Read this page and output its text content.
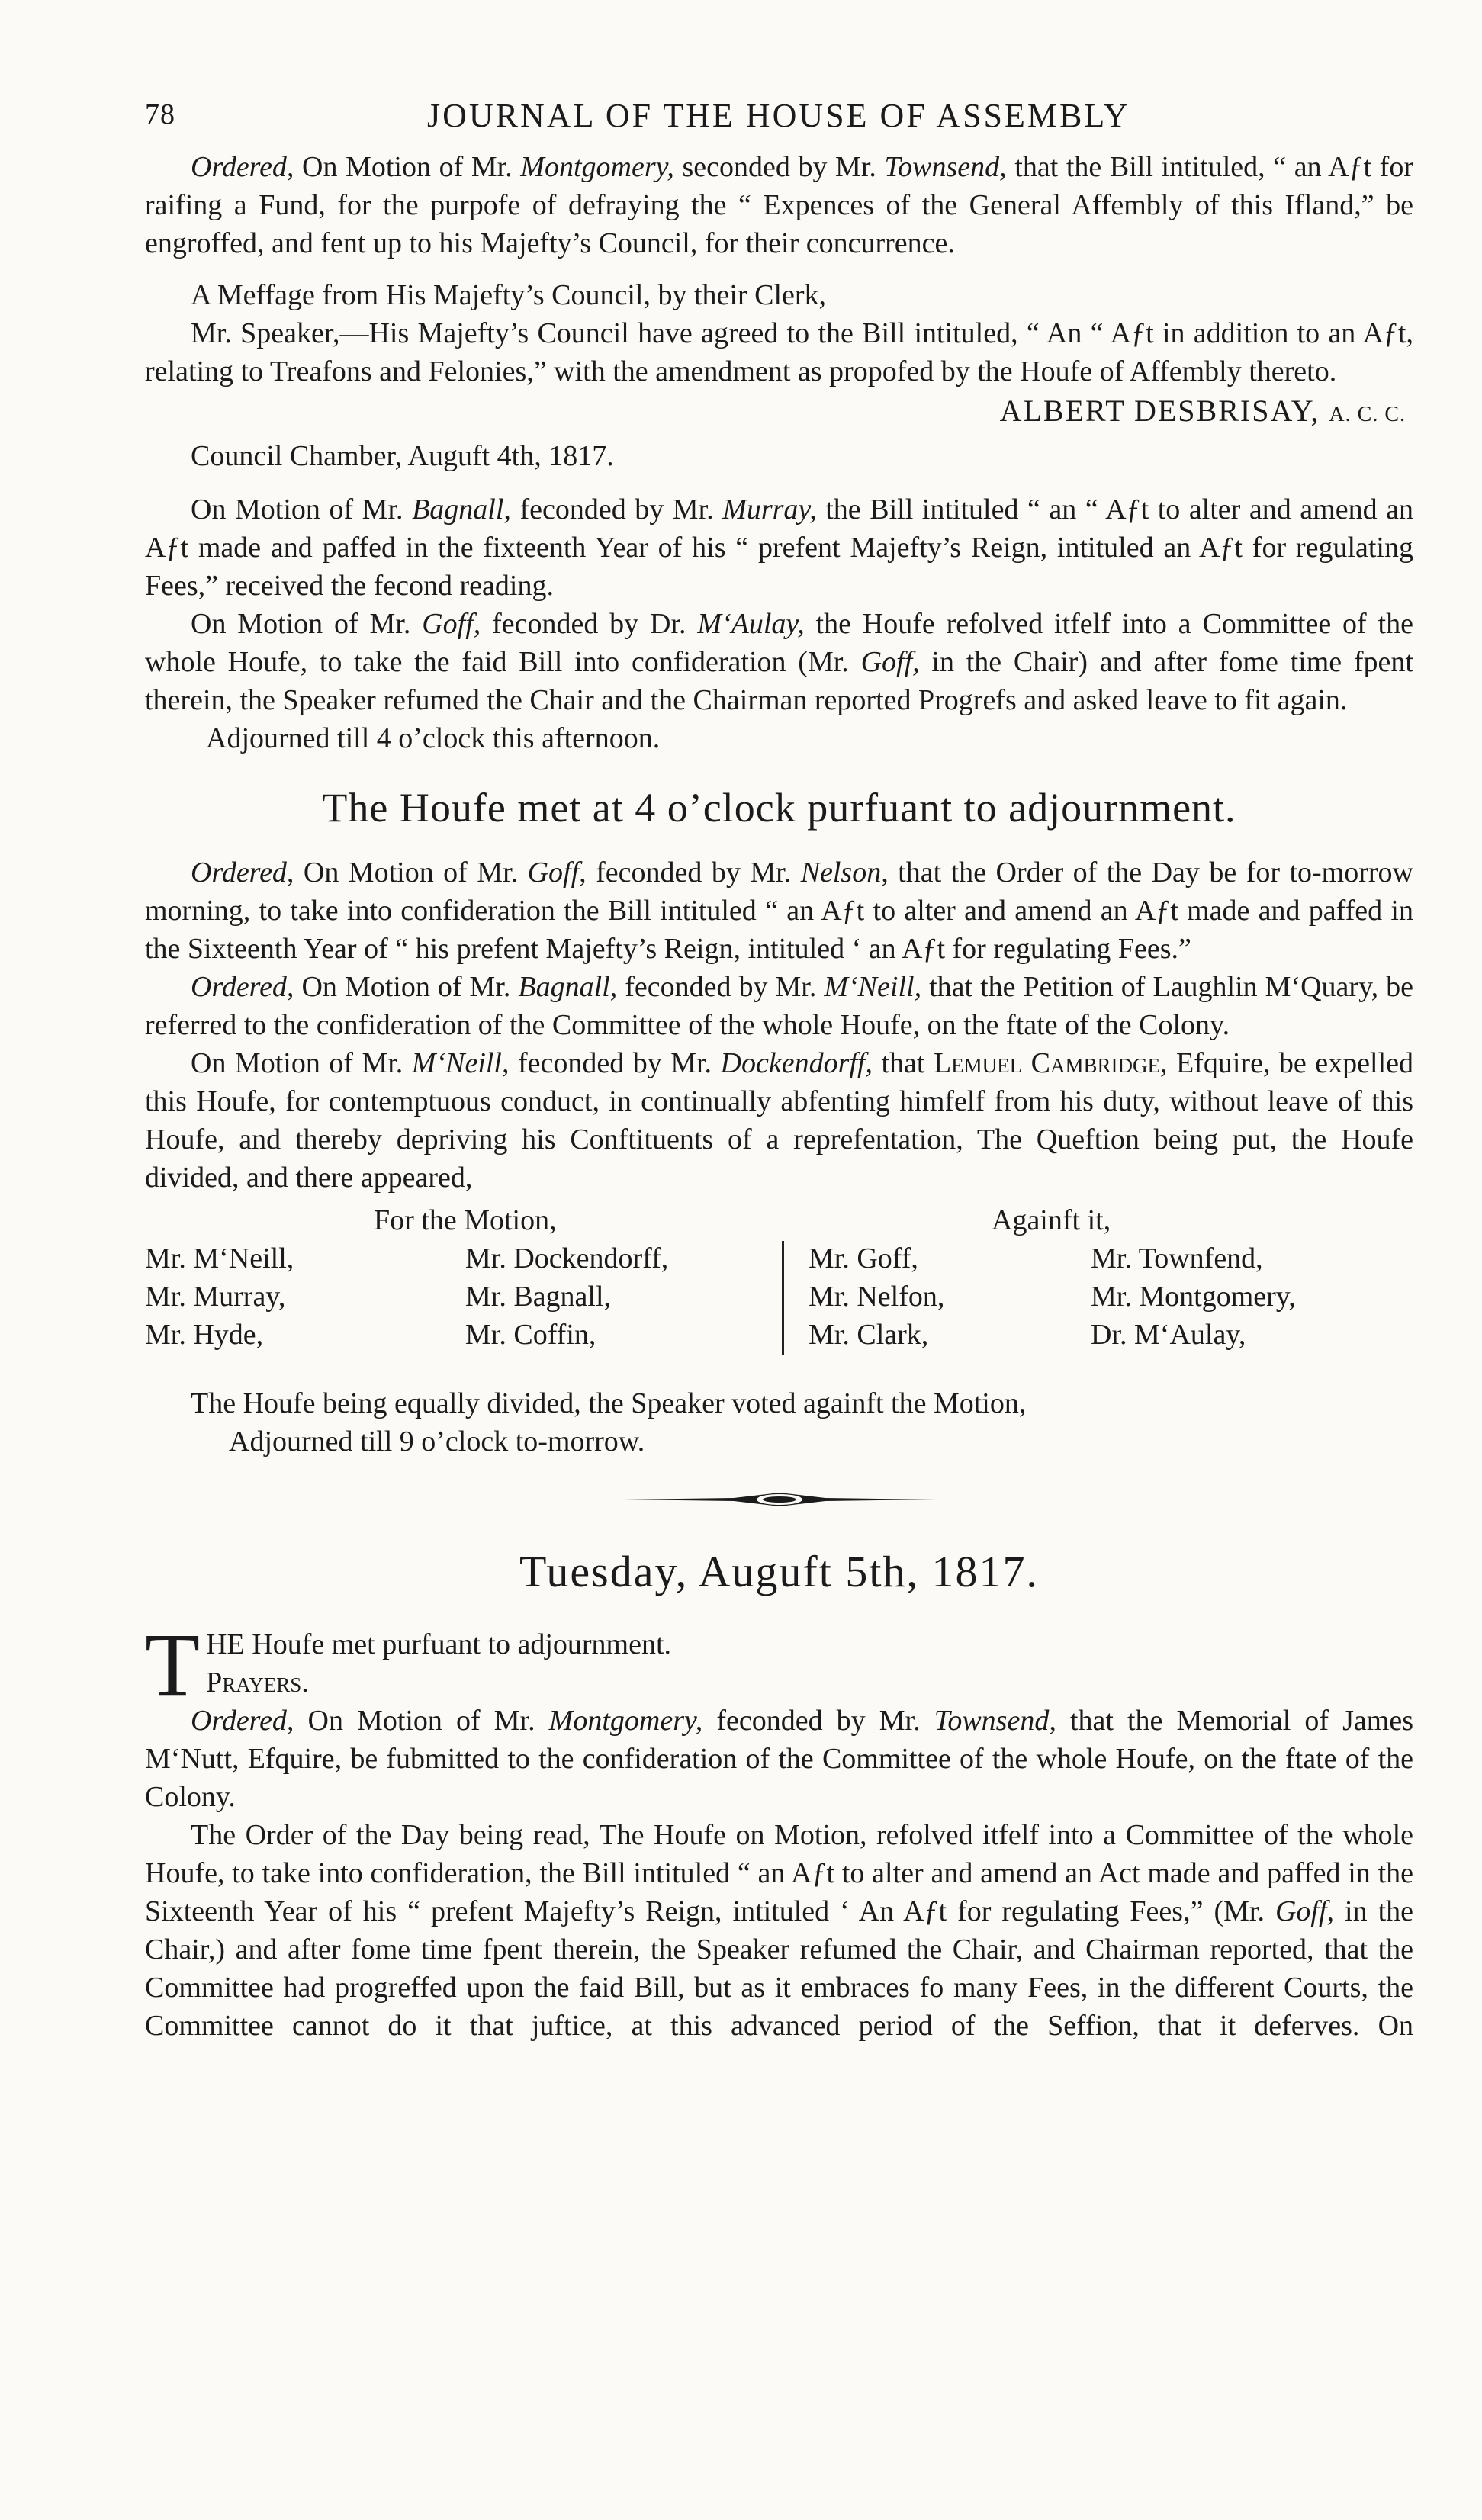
78	JOURNAL OF THE HOUSE OF ASSEMBLY

Ordered, On Motion of Mr. Montgomery, seconded by Mr. Townsend, that the Bill intituled, “ an Aƒt for raifing a Fund, for the purpofe of defraying the “ Expences of the General Affembly of this Ifland,” be engroffed, and fent up to his Majefty’s Council, for their concurrence.

A Meffage from His Majefty’s Council, by their Clerk,

Mr. Speaker,—His Majefty’s Council have agreed to the Bill intituled, “ An “ Aƒt in addition to an Aƒt, relating to Treafons and Felonies,” with the amendment as propofed by the Houfe of Affembly thereto.

ALBERT DESBRISAY, A. C. C.
Council Chamber, Auguft 4th, 1817.

On Motion of Mr. Bagnall, feconded by Mr. Murray, the Bill intituled “ an “ Aƒt to alter and amend an Aƒt made and paffed in the fixteenth Year of his “ prefent Majefty’s Reign, intituled an Aƒt for regulating Fees,” received the fecond reading.

On Motion of Mr. Goff, feconded by Dr. M‘Aulay, the Houfe refolved itfelf into a Committee of the whole Houfe, to take the faid Bill into confideration (Mr. Goff, in the Chair) and after fome time fpent therein, the Speaker refumed the Chair and the Chairman reported Progrefs and asked leave to fit again.

Adjourned till 4 o’clock this afternoon.
The Houfe met at 4 o’clock purfuant to adjournment.

Ordered, On Motion of Mr. Goff, feconded by Mr. Nelson, that the Order of the Day be for to-morrow morning, to take into confideration the Bill intituled “ an Aƒt to alter and amend an Aƒt made and paffed in the Sixteenth Year of “ his prefent Majefty’s Reign, intituled ‘ an Aƒt for regulating Fees.”

Ordered, On Motion of Mr. Bagnall, feconded by Mr. M‘Neill, that the Petition of Laughlin M‘Quary, be referred to the confideration of the Committee of the whole Houfe, on the ftate of the Colony.

On Motion of Mr. M‘Neill, feconded by Mr. Dockendorff, that Lemuel Cambridge, Efquire, be expelled this Houfe, for contemptuous conduct, in continually abfenting himfelf from his duty, without leave of this Houfe, and thereby depriving his Conftituents of a reprefentation, The Queftion being put, the Houfe divided, and there appeared,

For the Motion,	Againft it,
Mr. M‘Neill,
Mr. Murray,
Mr. Hyde,
Mr. Dockendorff,
Mr. Bagnall,
Mr. Coffin,
Mr. Goff,
Mr. Nelfon,
Mr. Clark,
Mr. Townfend,
Mr. Montgomery,
Dr. M‘Aulay,

The Houfe being equally divided, the Speaker voted againft the Motion,

Adjourned till 9 o’clock to-morrow.
Tuesday, Auguft 5th, 1817.
T HE Houfe met purfuant to adjournment.

Prayers.

Ordered, On Motion of Mr. Montgomery, feconded by Mr. Townsend, that the Memorial of James M‘Nutt, Efquire, be fubmitted to the confideration of the Committee of the whole Houfe, on the ftate of the Colony.

The Order of the Day being read, The Houfe on Motion, refolved itfelf into a Committee of the whole Houfe, to take into confideration, the Bill intituled “ an Aƒt to alter and amend an Act made and paffed in the Sixteenth Year of his “ prefent Majefty’s Reign, intituled ‘ An Aƒt for regulating Fees,” (Mr. Goff, in the Chair,) and after fome time fpent therein, the Speaker refumed the Chair, and Chairman reported, that the Committee had progreffed upon the faid Bill, but as it embraces fo many Fees, in the different Courts, the Committee cannot do it that juftice, at this advanced period of the Seffion, that it deferves. On
